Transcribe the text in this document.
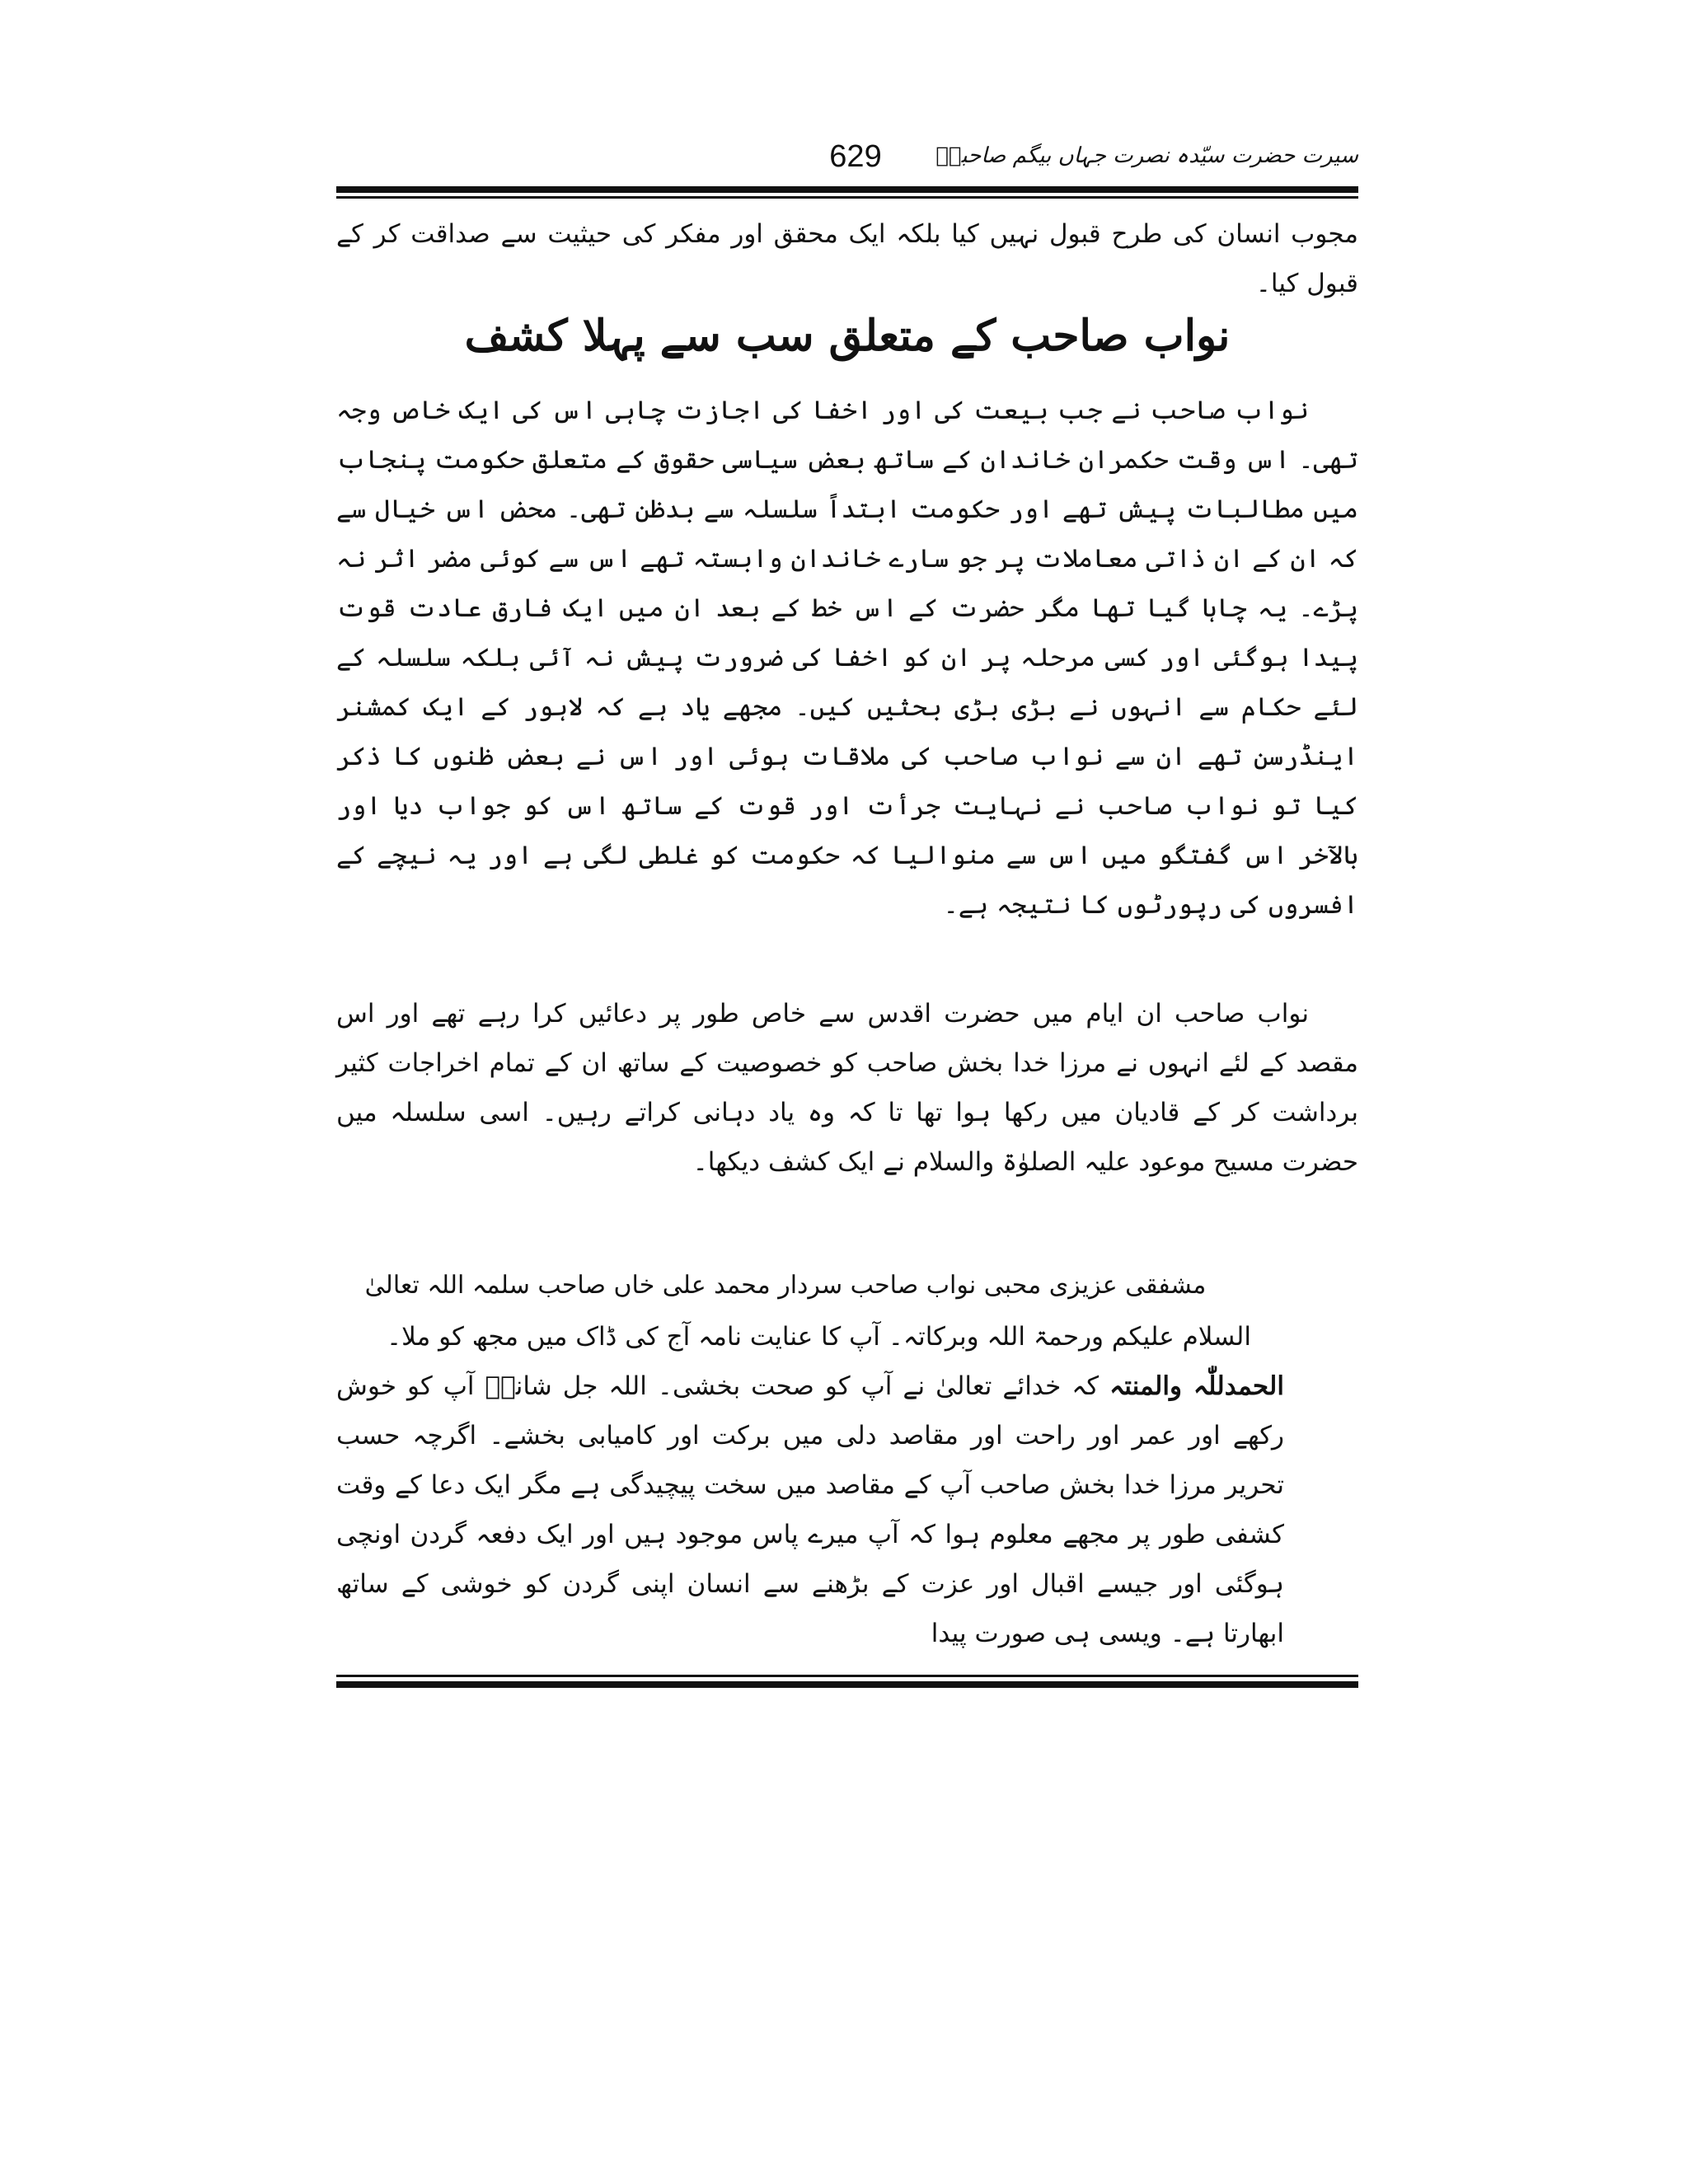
629	سیرت حضرت سیّدہ نصرت جہاں بیگم صاحبہؓ
مجوب انسان کی طرح قبول نہیں کیا بلکہ ایک محقق اور مفکر کی حیثیت سے صداقت کر کے قبول کیا۔
نواب صاحب کے متعلق سب سے پہلا کشف
نواب صاحب نے جب بیعت کی اور اخفا کی اجازت چاہی اس کی ایک خاص وجہ تھی۔ اس وقت حکمران خاندان کے ساتھ بعض سیاسی حقوق کے متعلق حکومت پنجاب میں مطالبات پیش تھے اور حکومت ابتداً سلسلہ سے بدظن تھی۔ محض اس خیال سے کہ ان کے ان ذاتی معاملات پر جو سارے خاندان وابستہ تھے اس سے کوئی مضر اثر نہ پڑے۔ یہ چاہا گیا تھا مگر حضرت کے اس خط کے بعد ان میں ایک فارق عادت قوت پیدا ہوگئی اور کسی مرحلہ پر ان کو اخفا کی ضرورت پیش نہ آئی بلکہ سلسلہ کے لئے حکام سے انہوں نے بڑی بڑی بحثیں کیں۔ مجھے یاد ہے کہ لاہور کے ایک کمشنر اینڈرسن تھے ان سے نواب صاحب کی ملاقات ہوئی اور اس نے بعض ظنوں کا ذکر کیا تو نواب صاحب نے نہایت جرأت اور قوت کے ساتھ اس کو جواب دیا اور بالآخر اس گفتگو میں اس سے منوالیا کہ حکومت کو غلطی لگی ہے اور یہ نیچے کے افسروں کی رپورٹوں کا نتیجہ ہے۔
نواب صاحب ان ایام میں حضرت اقدس سے خاص طور پر دعائیں کرا رہے تھے اور اس مقصد کے لئے انہوں نے مرزا خدا بخش صاحب کو خصوصیت کے ساتھ ان کے تمام اخراجات کثیر برداشت کر کے قادیان میں رکھا ہوا تھا تا کہ وہ یاد دہانی کراتے رہیں۔ اسی سلسلہ میں حضرت مسیح موعود علیہ الصلوٰۃ والسلام نے ایک کشف دیکھا۔
مشفقی عزیزی محبی نواب صاحب سردار محمد علی خاں صاحب سلمہ اللہ تعالیٰ
السلام علیکم ورحمۃ اللہ وبرکاتہ۔ آپ کا عنایت نامہ آج کی ڈاک میں مجھ کو ملا۔
الحمدللّٰہ والمنتہ کہ خدائے تعالیٰ نے آپ کو صحت بخشی۔ اللہ جل شانہٗ آپ کو خوش رکھے اور عمر اور راحت اور مقاصد دلی میں برکت اور کامیابی بخشے۔ اگرچہ حسب تحریر مرزا خدا بخش صاحب آپ کے مقاصد میں سخت پیچیدگی ہے مگر ایک دعا کے وقت کشفی طور پر مجھے معلوم ہوا کہ آپ میرے پاس موجود ہیں اور ایک دفعہ گردن اونچی ہوگئی اور جیسے اقبال اور عزت کے بڑھنے سے انسان اپنی گردن کو خوشی کے ساتھ ابھارتا ہے۔ ویسی ہی صورت پیدا
